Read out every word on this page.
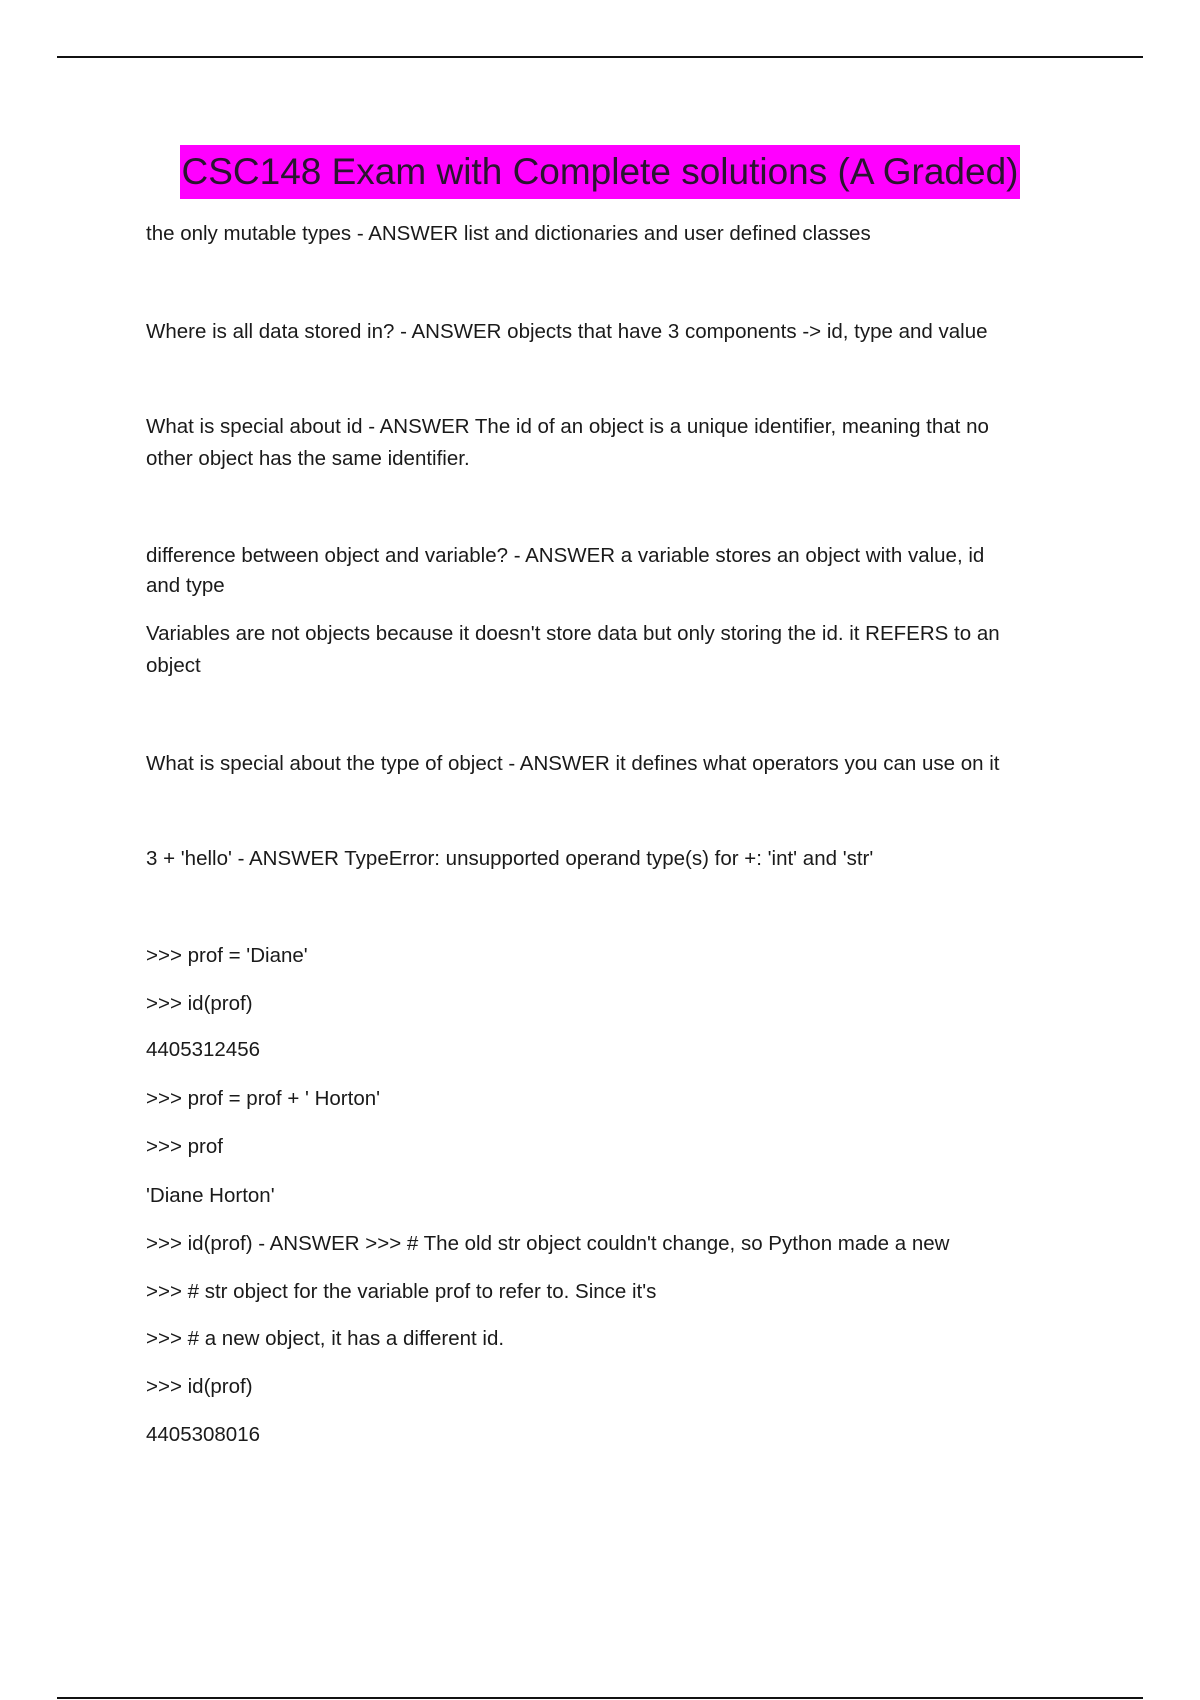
CSC148 Exam with Complete solutions (A Graded)
the only mutable types - ANSWER list and dictionaries and user defined classes
Where is all data stored in? - ANSWER objects that have 3 components -> id, type and value
What is special about id - ANSWER The id of an object is a unique identifier, meaning that no
other object has the same identifier.
difference between object and variable? - ANSWER a variable stores an object with value, id
and type
Variables are not objects because it doesn't store data but only storing the id. it REFERS to an
object
What is special about the type of object - ANSWER it defines what operators you can use on it
3 + 'hello' - ANSWER TypeError: unsupported operand type(s) for +: 'int' and 'str'
>>> prof = 'Diane'
>>> id(prof)
4405312456
>>> prof = prof + ' Horton'
>>> prof
'Diane Horton'
>>> id(prof) - ANSWER >>> # The old str object couldn't change, so Python made a new
>>> # str object for the variable prof to refer to. Since it's
>>> # a new object, it has a different id.
>>> id(prof)
4405308016
